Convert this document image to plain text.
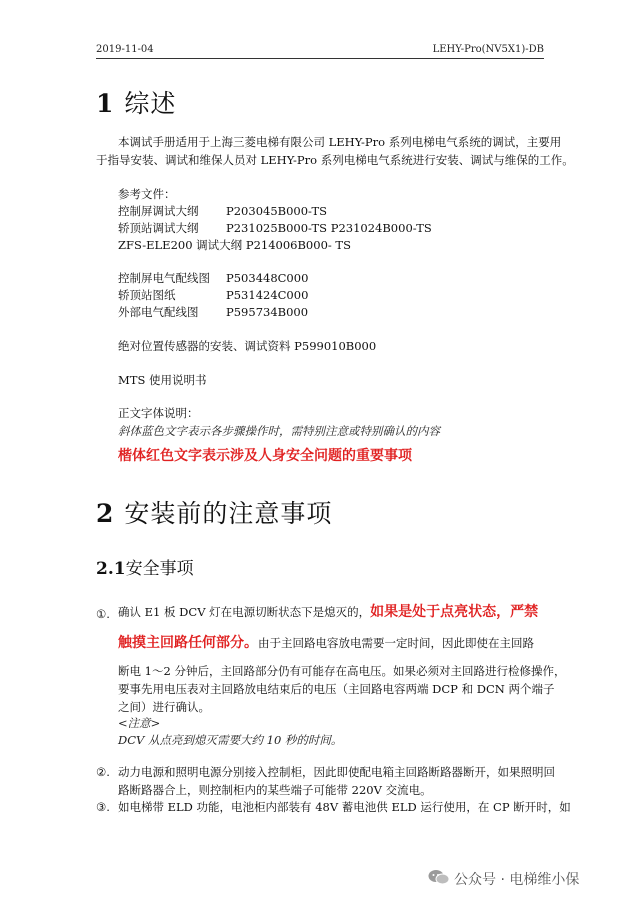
2019-11-04	LEHY-Pro(NV5X1)-DB
1 综述
本调试手册适用于上海三菱电梯有限公司 LEHY-Pro 系列电梯电气系统的调试，主要用
于指导安装、调试和维保人员对 LEHY-Pro 系列电梯电气系统进行安装、调试与维保的工作。
参考文件：
控制屏调试大纲 P203045B000-TS
轿顶站调试大纲 P231025B000-TS P231024B000-TS
ZFS-ELE200 调试大纲 P214006B000- TS
控制屏电气配线图 P503448C000
轿顶站图纸	P531424C000
外部电气配线图 P595734B000
绝对位置传感器的安装、调试资料 P599010B000
MTS 使用说明书
正文字体说明：
斜体蓝色文字表示各步骤操作时，需特别注意或特别确认的内容
楷体红色文字表示涉及人身安全问题的重要事项
2 安装前的注意事项
2.1安全事项
①. 确认 E1 板 DCV 灯在电源切断状态下是熄灭的，如果是处于点亮状态，严禁
触摸主回路任何部分。由于主回路电容放电需要一定时间，因此即使在主回路
断电 1～2 分钟后，主回路部分仍有可能存在高电压。如果必须对主回路进行检修操作，
要事先用电压表对主回路放电结束后的电压（主回路电容两端 DCP 和 DCN 两个端子
之间）进行确认。
<注意>
DCV 从点亮到熄灭需要大约 10 秒的时间。
②. 动力电源和照明电源分别接入控制柜，因此即使配电箱主回路断路器断开，如果照明回
路断路器合上，则控制柜内的某些端子可能带 220V 交流电。
③. 如电梯带 ELD 功能，电池柜内部装有 48V 蓄电池供 ELD 运行使用，在 CP 断开时，如
公众号 · 电梯维小保
